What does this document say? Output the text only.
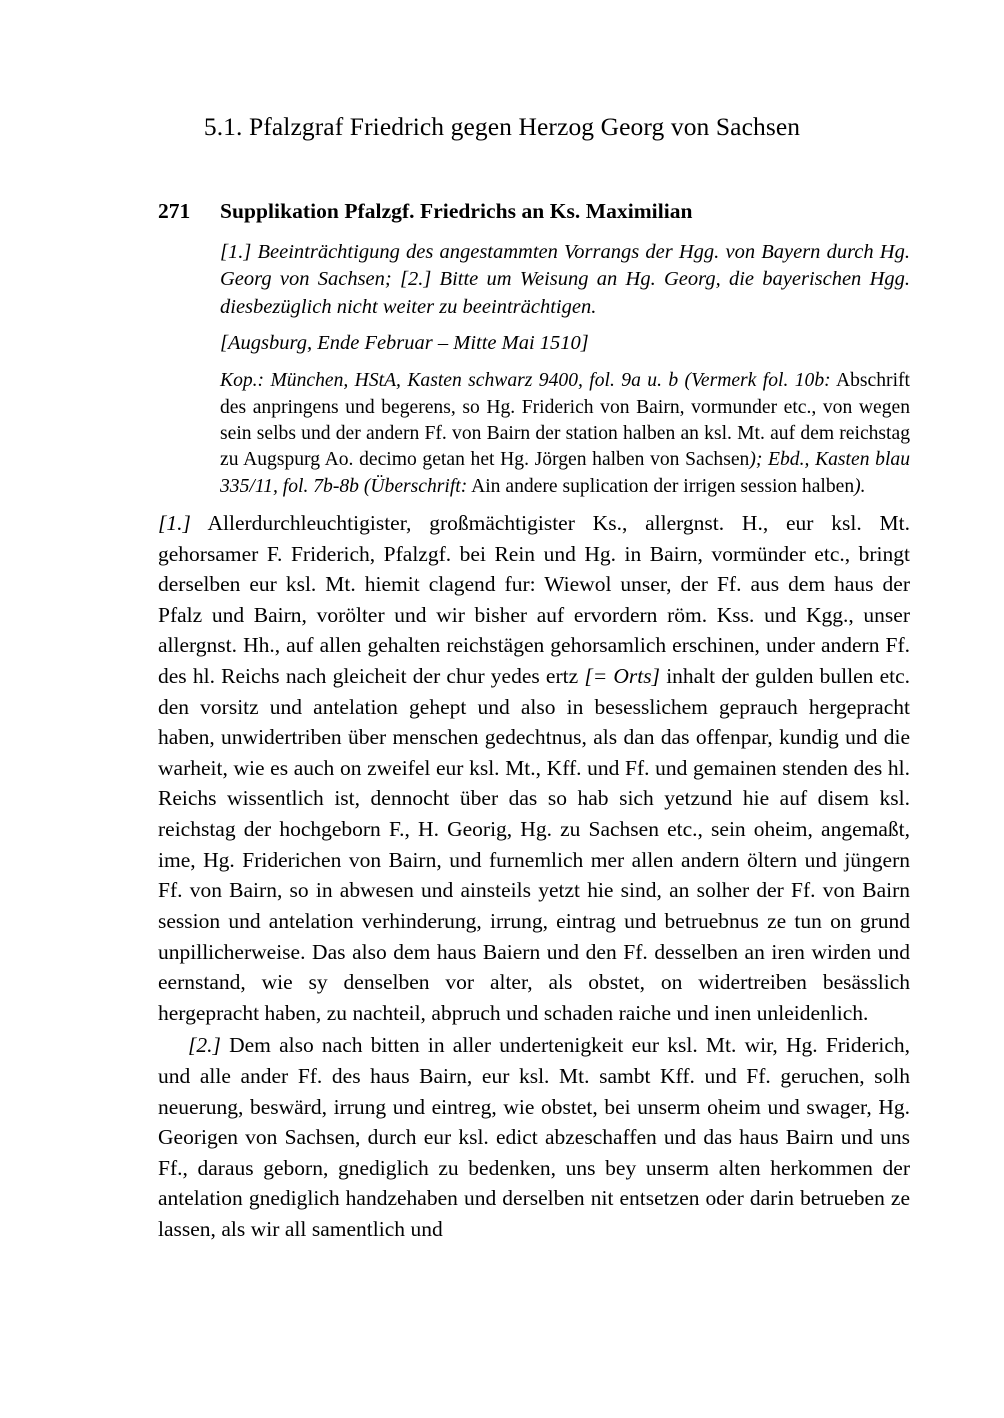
5.1. Pfalzgraf Friedrich gegen Herzog Georg von Sachsen
271	Supplikation Pfalzgf. Friedrichs an Ks. Maximilian

[1.] Beeinträchtigung des angestammten Vorrangs der Hgg. von Bayern durch Hg. Georg von Sachsen; [2.] Bitte um Weisung an Hg. Georg, die bayerischen Hgg. diesbezüglich nicht weiter zu beeinträchtigen.

[Augsburg, Ende Februar – Mitte Mai 1510]

Kop.: München, HStA, Kasten schwarz 9400, fol. 9a u. b (Vermerk fol. 10b: Abschrift des anpringens und begerens, so Hg. Friderich von Bairn, vormunder etc., von wegen sein selbs und der andern Ff. von Bairn der station halben an ksl. Mt. auf dem reichstag zu Augspurg Ao. decimo getan het Hg. Jörgen halben von Sachsen); Ebd., Kasten blau 335/11, fol. 7b-8b (Überschrift: Ain andere suplication der irrigen session halben).

[1.] Allerdurchleuchtigister, großmächtigister Ks., allergnst. H., eur ksl. Mt. gehorsamer F. Friderich, Pfalzgf. bei Rein und Hg. in Bairn, vormünder etc., bringt derselben eur ksl. Mt. hiemit clagend fur: Wiewol unser, der Ff. aus dem haus der Pfalz und Bairn, vorölter und wir bisher auf ervordern röm. Kss. und Kgg., unser allergnst. Hh., auf allen gehalten reichstägen gehorsamlich erschinen, under andern Ff. des hl. Reichs nach gleicheit der chur yedes ertz [= Orts] inhalt der gulden bullen etc. den vorsitz und antelation gehept und also in besesslichem geprauch hergepracht haben, unwidertriben über menschen gedechtnus, als dan das offenpar, kundig und die warheit, wie es auch on zweifel eur ksl. Mt., Kff. und Ff. und gemainen stenden des hl. Reichs wissentlich ist, dennocht über das so hab sich yetzund hie auf disem ksl. reichstag der hochgeborn F., H. Georig, Hg. zu Sachsen etc., sein oheim, angemaßt, ime, Hg. Friderichen von Bairn, und furnemlich mer allen andern öltern und jüngern Ff. von Bairn, so in abwesen und ainsteils yetzt hie sind, an solher der Ff. von Bairn session und antelation verhinderung, irrung, eintrag und betruebnus ze tun on grund unpillicherweise. Das also dem haus Baiern und den Ff. desselben an iren wirden und eernstand, wie sy denselben vor alter, als obstet, on widertreiben besässlich hergepracht haben, zu nachteil, abpruch und schaden raiche und inen unleidenlich.

[2.] Dem also nach bitten in aller undertenigkeit eur ksl. Mt. wir, Hg. Friderich, und alle ander Ff. des haus Bairn, eur ksl. Mt. sambt Kff. und Ff. geruchen, solh neuerung, beswärd, irrung und eintreg, wie obstet, bei unserm oheim und swager, Hg. Georigen von Sachsen, durch eur ksl. edict abzeschaffen und das haus Bairn und uns Ff., daraus geborn, gnediglich zu bedenken, uns bey unserm alten herkommen der antelation gnediglich handzehaben und derselben nit entsetzen oder darin betrueben ze lassen, als wir all samentlich und
